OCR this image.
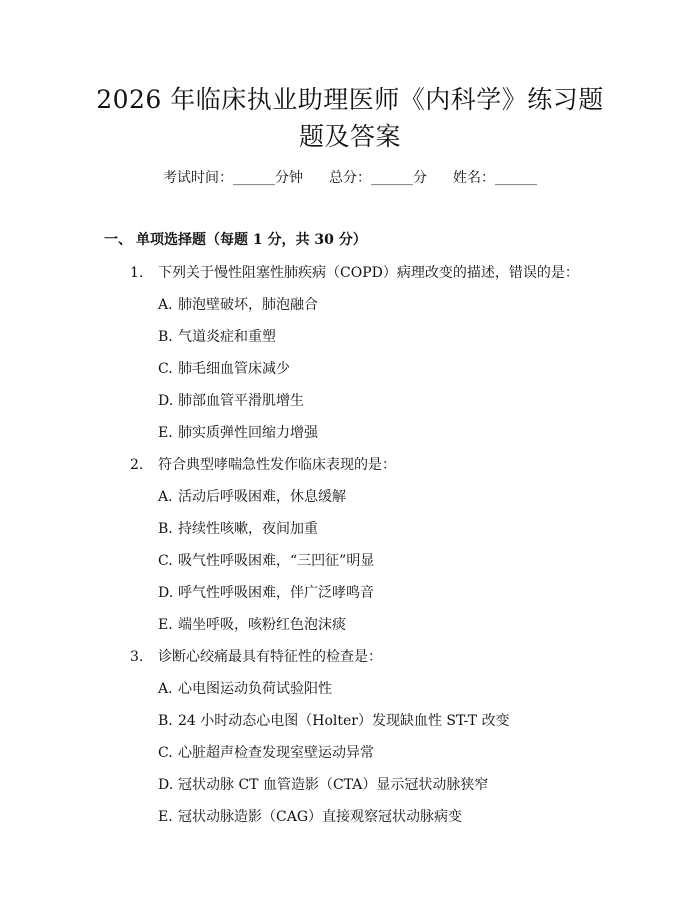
2026 年临床执业助理医师《内科学》练习题
题及答案
考试时间：______分钟 总分：______分 姓名：______
一、 单项选择题（每题 1 分，共 30 分）
1. 下列关于慢性阻塞性肺疾病（COPD）病理改变的描述，错误的是：
A. 肺泡壁破坏，肺泡融合
B. 气道炎症和重塑
C. 肺毛细血管床减少
D. 肺部血管平滑肌增生
E. 肺实质弹性回缩力增强
2. 符合典型哮喘急性发作临床表现的是：
A. 活动后呼吸困难，休息缓解
B. 持续性咳嗽，夜间加重
C. 吸气性呼吸困难，“三凹征”明显
D. 呼气性呼吸困难，伴广泛哮鸣音
E. 端坐呼吸，咳粉红色泡沫痰
3. 诊断心绞痛最具有特征性的检查是：
A. 心电图运动负荷试验阳性
B. 24 小时动态心电图（Holter）发现缺血性 ST-T 改变
C. 心脏超声检查发现室壁运动异常
D. 冠状动脉 CT 血管造影（CTA）显示冠状动脉狭窄
E. 冠状动脉造影（CAG）直接观察冠状动脉病变
